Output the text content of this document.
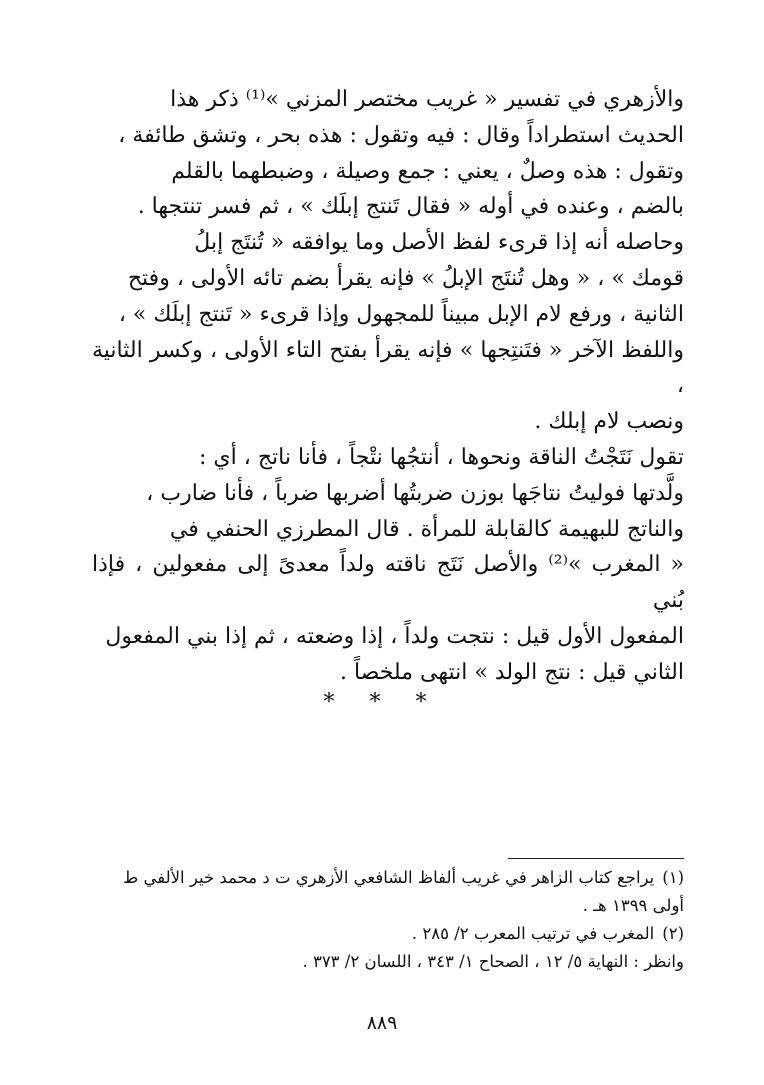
والأزهري في تفسير « غريب مختصر المزني »⁽¹⁾ ذكر هذا
الحديث استطراداً وقال : فيه وتقول : هذه بحر ، وتشق طائفة ،
وتقول : هذه وصلٌ ، يعني : جمع وصيلة ، وضبطهما بالقلم
بالضم ، وعنده في أوله « فقال تَنتج إبلَك » ، ثم فسر تنتجها .

وحاصله أنه إذا قرىء لفظ الأصل وما يوافقه « تُنتَج إبلُ
قومك » ، « وهل تُنتَج الإبلُ » فإنه يقرأ بضم تائه الأولى ، وفتح
الثانية ، ورفع لام الإبل مبيناً للمجهول وإذا قرىء « تَنتج إبلَك » ،
واللفظ الآخر « فتَنتِجها » فإنه يقرأ بفتح التاء الأولى ، وكسر الثانية ،
ونصب لام إبلك .

تقول نَتَجْتُ الناقة ونحوها ، أنتجُها نتْجاً ، فأنا ناتج ، أي :
ولَّدتها فوليتُ نتاجَها بوزن ضربتُها أضربها ضرباً ، فأنا ضارب ،
والناتج للبهيمة كالقابلة للمرأة . قال المطرزي الحنفي في
« المغرب »⁽²⁾ والأصل نَتَج ناقته ولداً معدىً إلى مفعولين ، فإذا بُني
المفعول الأول قيل : نتجت ولداً ، إذا وضعته ، ثم إذا بني المفعول
الثاني قيل : نتج الولد » انتهى ملخصاً .

* * *

(١)يراجع كتاب الزاهر في غريب ألفاظ الشافعي الأزهري ت د محمد خير الألفي ط
أولى ١٣٩٩ هـ .

(٢)المغرب في ترتيب المعرب ٢/ ٢٨٥ .
وانظر : النهاية ٥/ ١٢ ، الصحاح ١/ ٣٤٣ ، اللسان ٢/ ٣٧٣ .

٨٨٩
